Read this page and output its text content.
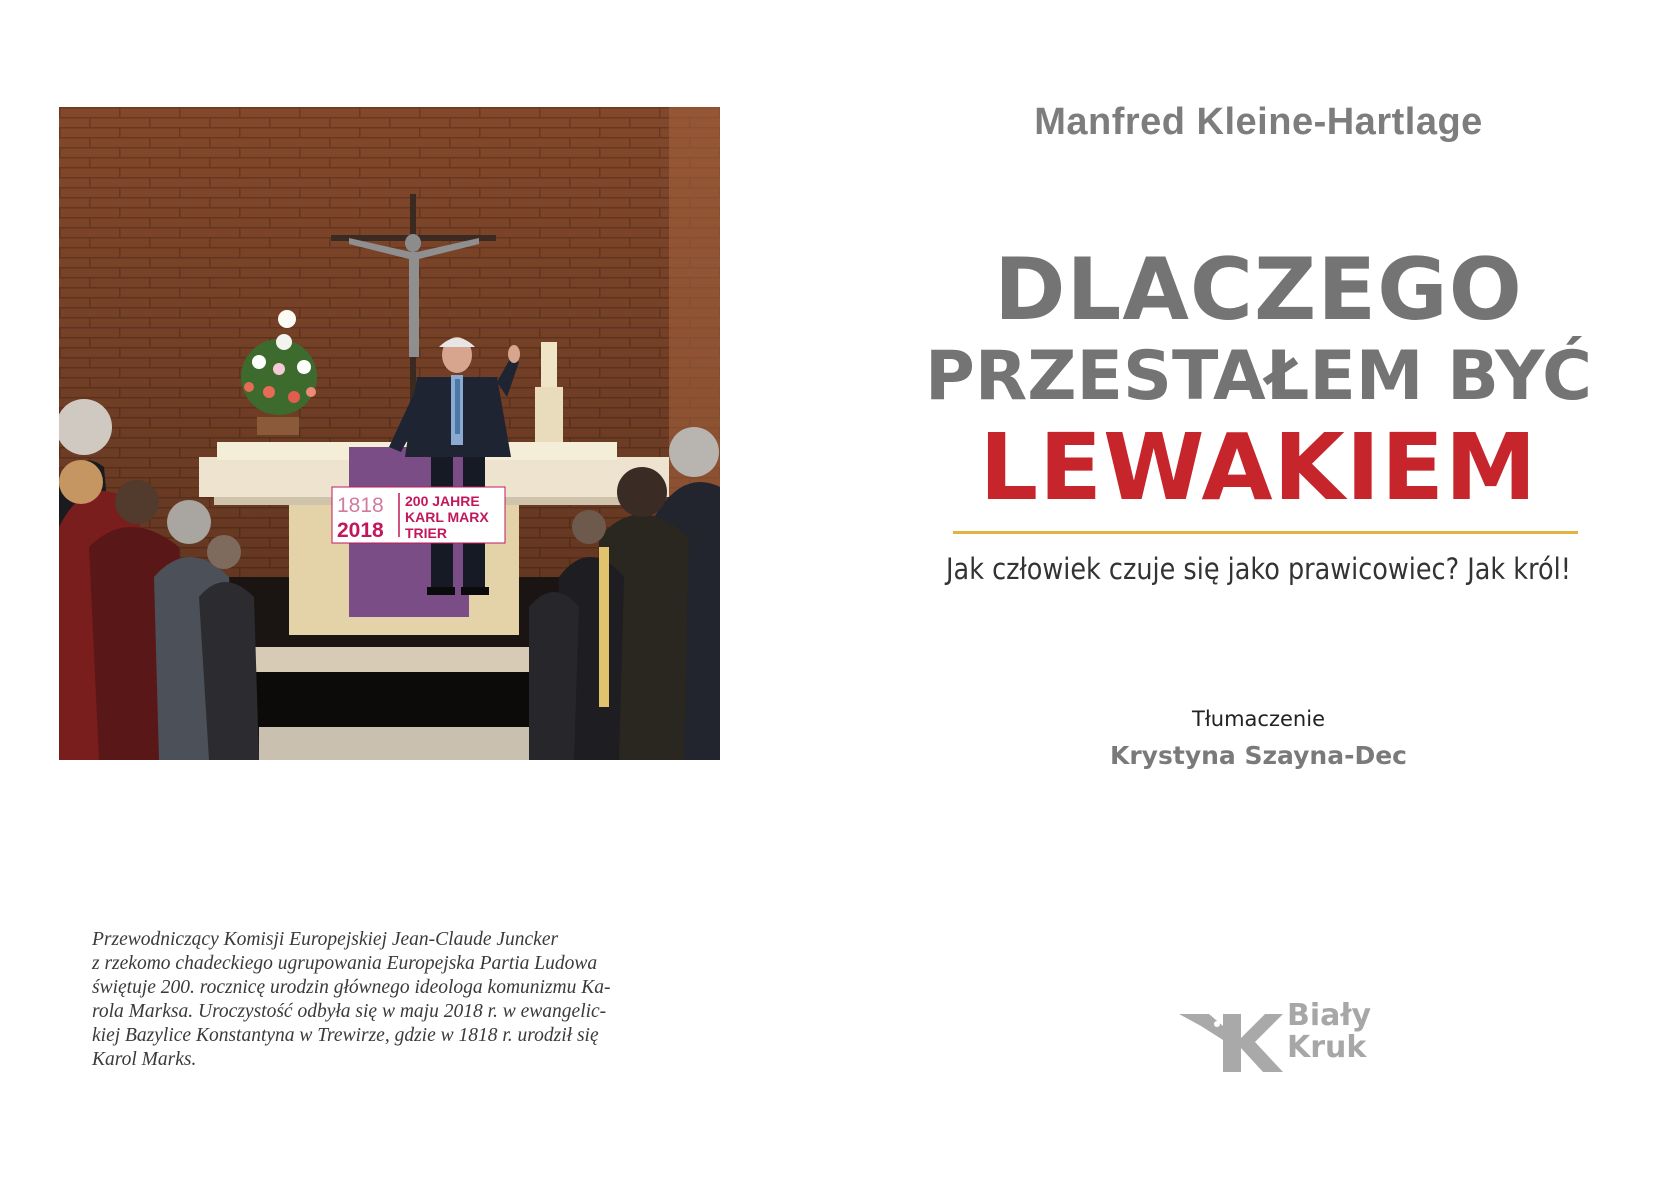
1818
2018
200 JAHRE
KARL MARX
TRIER
Przewodniczący Komisji Europejskiej Jean-Claude Juncker
z rzekomo chadeckiego ugrupowania Europejska Partia Ludowa
świętuje 200. rocznicę urodzin głównego ideologa komunizmu Ka-
rola Marksa. Uroczystość odbyła się w maju 2018 r. w ewangelic-
kiej Bazylice Konstantyna w Trewirze, gdzie w 1818 r. urodził się
Karol Marks.
Manfred Kleine-Hartlage
DLACZEGO
PRZESTAŁEM BYĆ
LEWAKIEM
Jak człowiek czuje się jako prawicowiec? Jak król!
Tłumaczenie
Krystyna Szayna-Dec
Biały
Kruk
